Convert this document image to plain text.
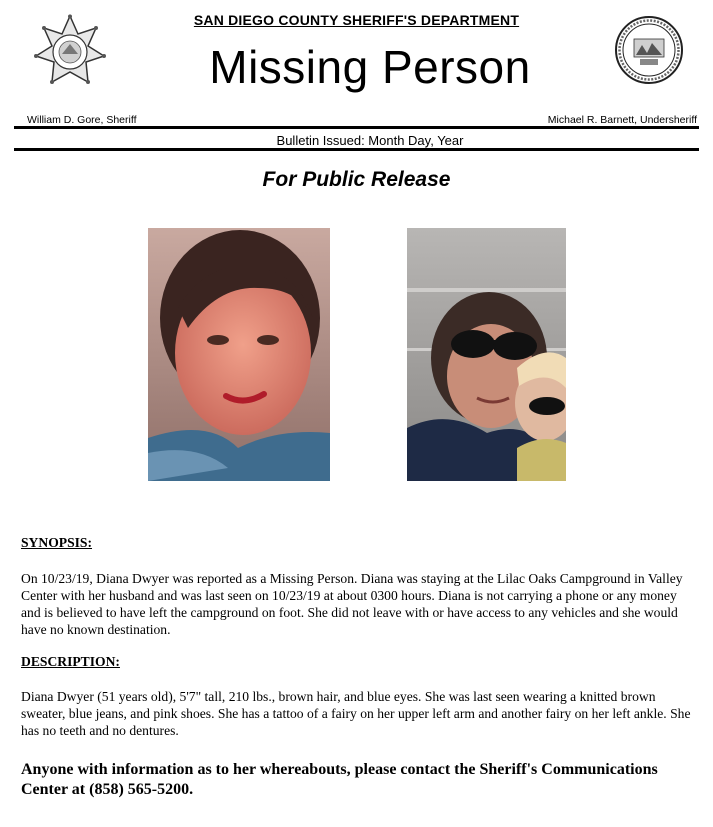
SAN DIEGO COUNTY SHERIFF'S DEPARTMENT
Missing Person
William D. Gore, Sheriff	Michael R. Barnett, Undersheriff
Bulletin Issued: Month Day, Year
For Public Release
SYNOPSIS:
On 10/23/19, Diana Dwyer was reported as a Missing Person. Diana was staying at the Lilac Oaks Campground in Valley Center with her husband and was last seen on 10/23/19 at about 0300 hours. Diana is not carrying a phone or any money and is believed to have left the campground on foot. She did not leave with or have access to any vehicles and she would have no known destination.
DESCRIPTION:
Diana Dwyer (51 years old), 5'7" tall, 210 lbs., brown hair, and blue eyes. She was last seen wearing a knitted brown sweater, blue jeans, and pink shoes. She has a tattoo of a fairy on her upper left arm and another fairy on her left ankle. She has no teeth and no dentures.
Anyone with information as to her whereabouts, please contact the Sheriff's Communications Center at (858) 565-5200.
